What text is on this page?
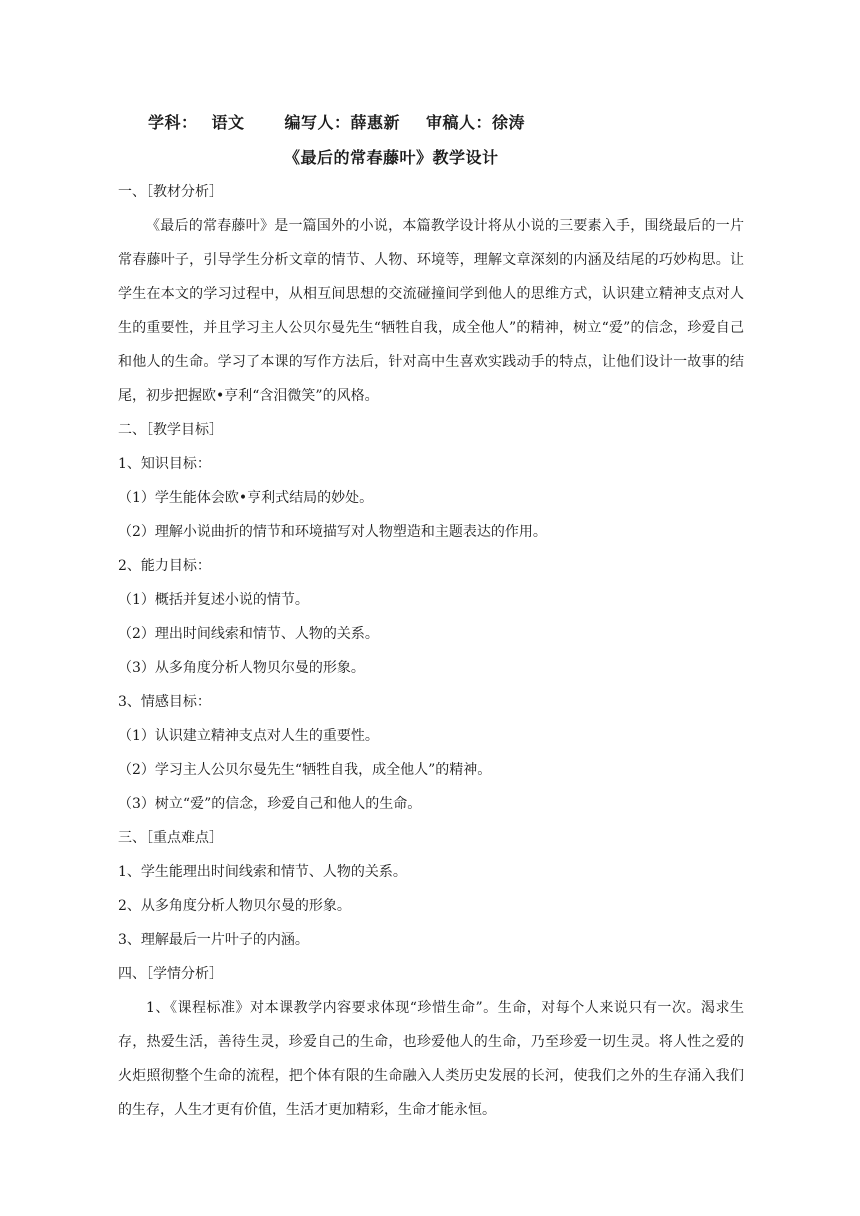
学科： 语文	编写人：薛惠新 审稿人：徐涛
《最后的常春藤叶》教学设计
一、［教材分析］

《最后的常春藤叶》是一篇国外的小说，本篇教学设计将从小说的三要素入手，围绕最后的一片常春藤叶子，引导学生分析文章的情节、人物、环境等，理解文章深刻的内涵及结尾的巧妙构思。让学生在本文的学习过程中，从相互间思想的交流碰撞间学到他人的思维方式，认识建立精神支点对人生的重要性，并且学习主人公贝尔曼先生“牺牲自我，成全他人”的精神，树立“爱”的信念，珍爱自己和他人的生命。学习了本课的写作方法后，针对高中生喜欢实践动手的特点，让他们设计一故事的结尾，初步把握欧•亨利“含泪微笑”的风格。

二、［教学目标］
1、知识目标：
（1）学生能体会欧•亨利式结局的妙处。
（2）理解小说曲折的情节和环境描写对人物塑造和主题表达的作用。
2、能力目标：
（1）概括并复述小说的情节。
（2）理出时间线索和情节、人物的关系。
（3）从多角度分析人物贝尔曼的形象。
3、情感目标：
（1）认识建立精神支点对人生的重要性。
（2）学习主人公贝尔曼先生“牺牲自我，成全他人”的精神。
（3）树立“爱”的信念，珍爱自己和他人的生命。
三、［重点难点］
1、学生能理出时间线索和情节、人物的关系。
2、从多角度分析人物贝尔曼的形象。
3、理解最后一片叶子的内涵。
四、［学情分析］

1、《课程标准》对本课教学内容要求体现“珍惜生命”。生命，对每个人来说只有一次。渴求生存，热爱生活，善待生灵，珍爱自己的生命，也珍爱他人的生命，乃至珍爱一切生灵。将人性之爱的火炬照彻整个生命的流程，把个体有限的生命融入人类历史发展的长河，使我们之外的生存涌入我们的生存，人生才更有价值，生活才更加精彩，生命才能永恒。
